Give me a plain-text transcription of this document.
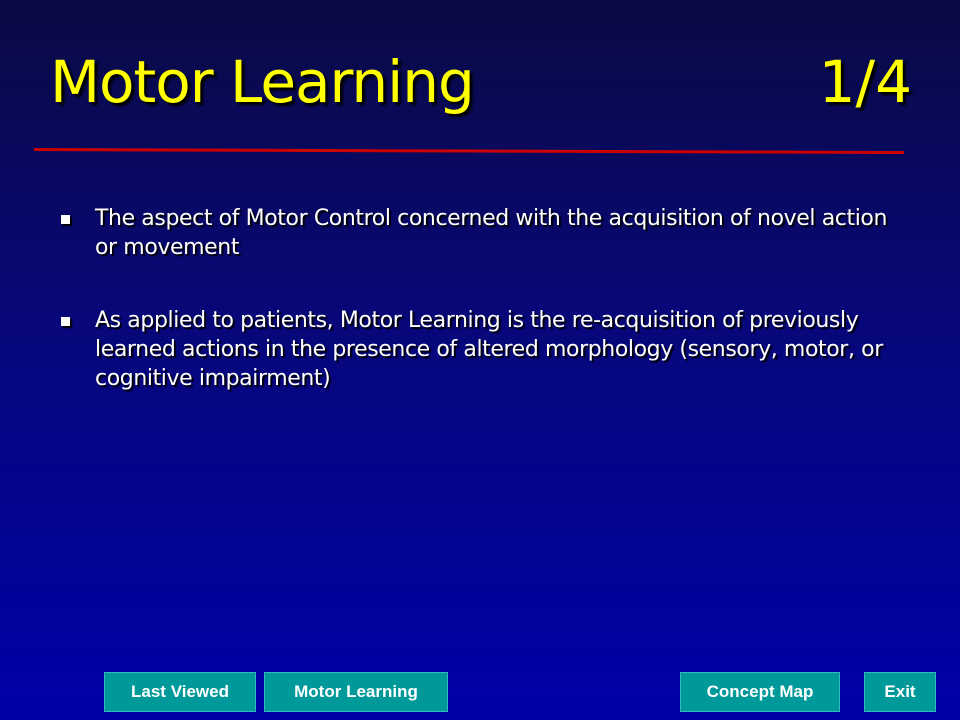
Motor Learning	1/4
The aspect of Motor Control concerned with the acquisition of novel action or movement
As applied to patients, Motor Learning is the re-acquisition of previously learned actions in the presence of altered morphology (sensory, motor, or cognitive impairment)
Last Viewed	Motor Learning	Concept Map	Exit
